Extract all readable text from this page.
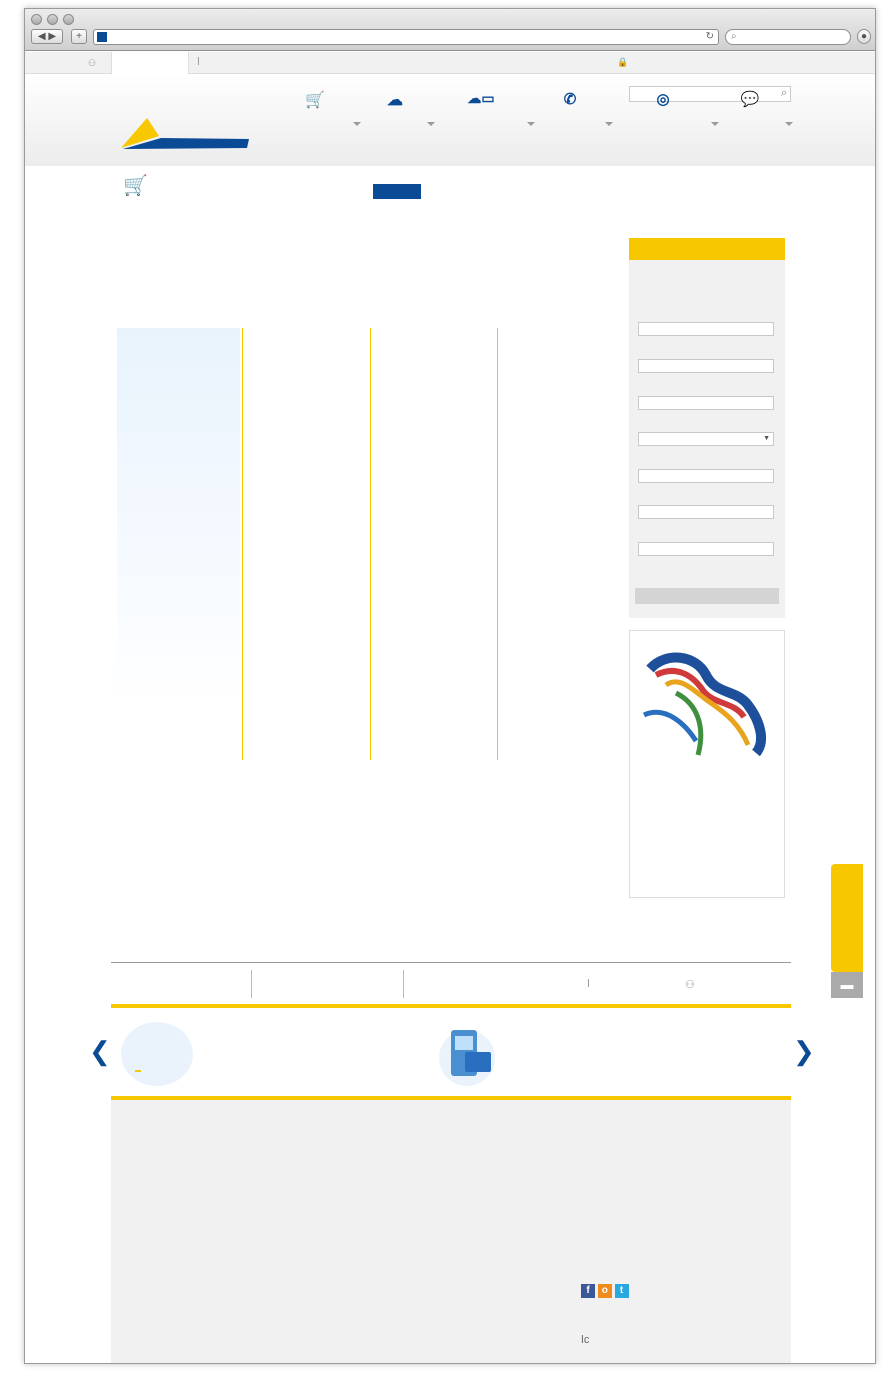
◀ ▶	+	↻ ⌕	●
⚇	ǀ	🔒
⌕
🛒	☁	☁▭	✆	◎	💬
🛒

▼
▬
ǀ	⚇
❮	❯
f o t
ǀc
